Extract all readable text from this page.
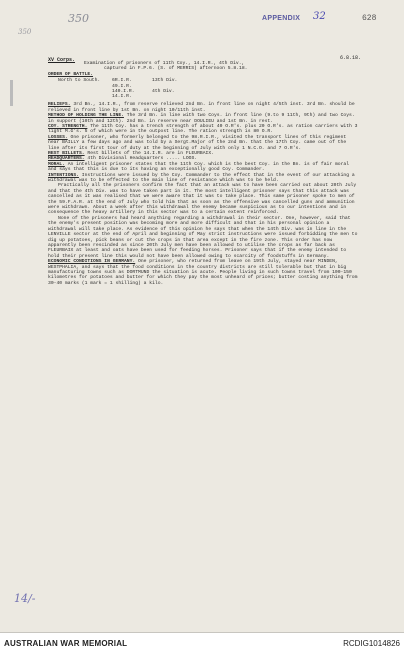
350
350
APPENDIX 32	628
XV Corps.	6.8.18.

Examination of prisoners of 11th Coy., 14.I.R., 4th Div.,

captured in F.P.6. (S. of MERRIS) afternoon 5.8.18.

ORDER OF BATTLE.

North to South.	6R.I.R.	13th Div.
49.I.R.
140.I.R.	4th Div.
14.I.R.

RELIEFS. 3rd Bn., 14.I.R., from reserve relieved 2nd Bn. in front line on night 4/5th inst. 3rd Bn. should be relieved in front line by 1st Bn. on night 10/11th inst.

METHOD OF HOLDING THE LINE. The 3rd Bn. in line with two Coys. in front line (9.to 9 11th, 9th) and two Coys. in support (10th and 12th). 2nd Bn. in reserve near DOULIEU and 1st Bn. in rest.

COY. STRENGTH. The 11th Coy. has a trench strength of about 40 O.R's. plus 20 O.R's. as ration carriers with 3 light M.G's. 5 of which were in the outpost line. The ration strength is 80 O.R.

LOSSES. One prisoner, who formerly belonged to the 98.R.I.R., visited the transport lines of this regiment near BAILLY a few days ago and was told by a Sergt.Major of the 2nd Bn. that the 17th Coy. came out of the line after its first tour of duty at the beginning of July with only 1 N.C.O. and 7 O.R's.

REST BILLETS. Rest billets of the 14.I.R. are in FLEURBAIX.

HEADQUARTERS. 4th Divisional Headquarters ..... LOOS.

MORAL. An intelligent prisoner states that the 11th Coy. which is the best Coy. in the Bn. is of fair moral and says that this is due to its having an exceptionally good Coy. Commander.

INTENTIONS. Instructions were issued by the Coy. Commander to the effect that in the event of our attacking a withdrawal was to be effected to the main line of resistance which was to be held.

Practically all the prisoners confirm the fact that an attack was to have been carried out about 20th July and that the 4th Div. was to have taken part in it. The most intelligent prisoner says that this attack was cancelled as it was realised that we were aware that it was to take place. This same prisoner spoke to men of the 59.F.A.R. at the end of July who told him that as soon as the offensive was cancelled guns and ammunition were withdrawn. About a week after this withdrawal the enemy became suspicious as to our intentions and in consequence the heavy artillery in this sector was to a certain extent reinforced.

None of the prisoners had heard anything regarding a withdrawal in their sector. One, however, said that the enemy's present position was becoming more and more difficult and that in his personal opinion a withdrawal will take place. As evidence of this opinion he says that when the 14th Div. was in line in the LENVILLE sector at the end of April and beginning of May strict instructions were issued forbidding the men to dig up potatoes, pick beans or cut the crops in that area except in the fire zone. This order has now apparently been rescinded as since 20th July men have been allowed to utilise the crops as far back as FLEURBAIX at least and oats have been used for feeding horses. Prisoner says that if the enemy intended to hold their present line this would not have been allowed owing to scarcity of foodstuffs in Germany.

ECONOMIC CONDITIONS IN GERMANY. One prisoner, who returned from leave on 19th July, stayed near MINDEN, WESTPHALIA, and says that the food conditions in the country districts are still tolerable but that in big manufacturing towns such as DORTMUND the situation is acute. People living in such towns travel from 100-150 kilometres for potatoes and butter for which they pay the most unheard of prices; butter costing anything from 30-40 marks (1 mark = 1 shilling) a kilo.

14/-
AUSTRALIAN WAR MEMORIAL	RCDIG1014826
